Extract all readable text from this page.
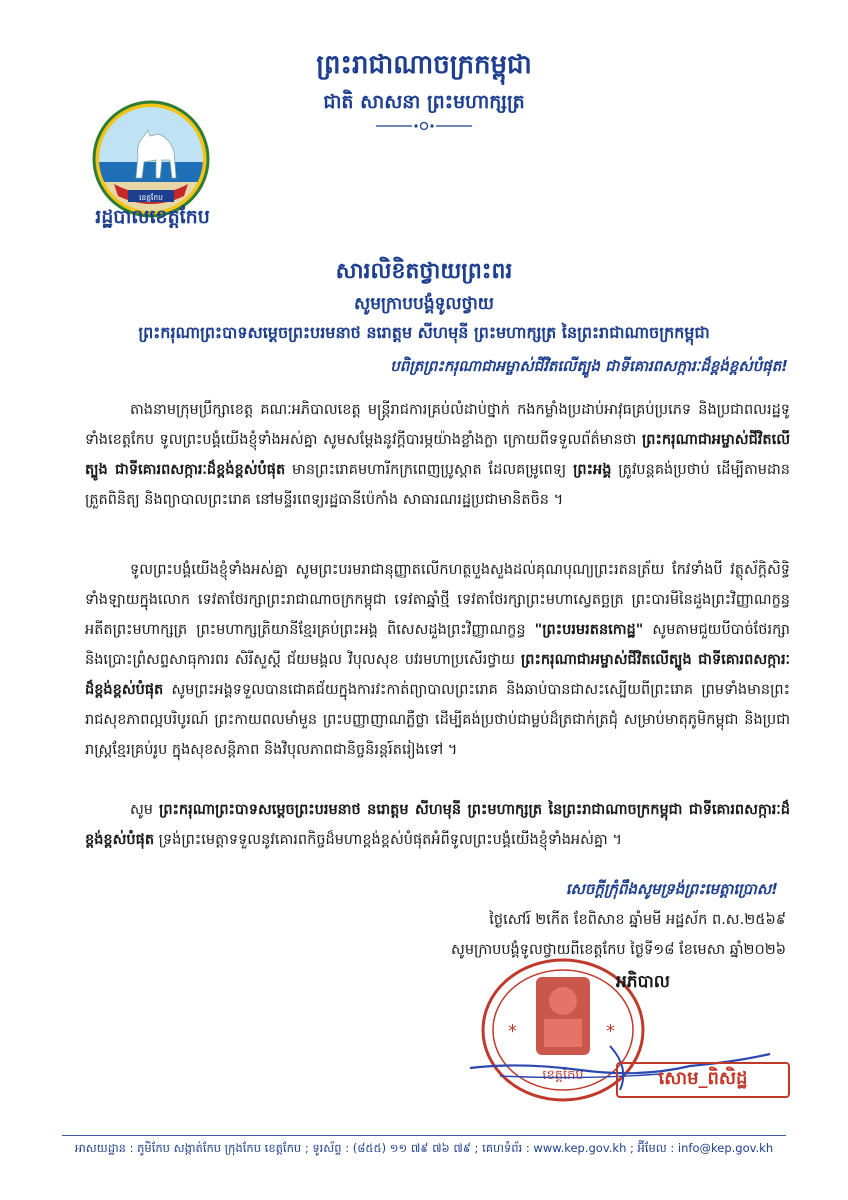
ព្រះរាជាណាចក្រកម្ពុជា
ជាតិ សាសនា ព្រះមហាក្សត្រ
ខេត្តកែប
រដ្ឋបាលខេត្តកែប
សារលិខិតថ្វាយព្រះពរ
សូមក្រាបបង្គំទូលថ្វាយ
ព្រះករុណាព្រះបាទសម្តេចព្រះបរមនាថ នរោត្តម សីហមុនី ព្រះមហាក្សត្រ នៃព្រះរាជាណាចក្រកម្ពុជា
បពិត្រព្រះករុណាជាអម្ចាស់ជីវិតលើត្បូង ជាទីគោរពសក្ការៈដ៏ខ្ពង់ខ្ពស់បំផុត!

តាងនាមក្រុមប្រឹក្សាខេត្ត គណៈអភិបាលខេត្ត មន្ត្រីរាជការគ្រប់លំដាប់ថ្នាក់ កងកម្លាំងប្រដាប់អាវុធគ្រប់ប្រភេទ និងប្រជាពលរដ្ឋទូទាំងខេត្តកែប ទូលព្រះបង្គំយើងខ្ញុំទាំងអស់គ្នា សូមសម្តែងនូវក្តីបារម្ភយ៉ាងខ្លាំងក្លា ក្រោយពីទទួលព័ត៌មានថា ព្រះករុណាជាអម្ចាស់ជីវិតលើត្បូង ជាទីគោរពសក្ការៈដ៏ខ្ពង់ខ្ពស់បំផុត មានព្រះរោគមហារីកក្រពេញប្រូស្តាត ដែលគម្រូពេទ្យ ព្រះអង្គ ត្រូវបន្តគង់ប្រថាប់ ដើម្បីតាមដាន ត្រួតពិនិត្យ និងព្យាបាលព្រះរោគ នៅមន្ទីរពេទ្យរដ្ឋធានីប៉េកាំង សាធារណរដ្ឋប្រជាមានិតចិន ។

ទូលព្រះបង្គំយើងខ្ញុំទាំងអស់គ្នា សូមព្រះបរមរាជានុញ្ញាតលើកហត្ថបួងសួងដល់គុណបុណ្យព្រះរតនត្រ័យ កែវទាំងបី វត្ថុស័ក្តិសិទ្ធិទាំងឡាយក្នុងលោក ទេវតាថែរក្សាព្រះរាជាណាចក្រកម្ពុជា ទេវតាឆ្នាំថ្មី ទេវតាថែរក្សាព្រះមហាស្វេតច្ឆត្រ ព្រះបារមីនៃដួងព្រះវិញ្ញាណក្ខន្ធអតីតព្រះមហាក្សត្រ ព្រះមហាក្សត្រិយានីខ្មែរគ្រប់ព្រះអង្គ ពិសេសដួងព្រះវិញ្ញាណក្ខន្ធ "ព្រះបរមរតនកោដ្ឋ" សូមតាមជួយបីបាច់ថែរក្សា និងប្រោះព្រំសព្ទសាធុការពរ សិរីសួស្តី ជ័យមង្គល វិបុលសុខ បវរមហាប្រសើរថ្វាយ ព្រះករុណាជាអម្ចាស់ជីវិតលើត្បូង ជាទីគោរពសក្ការៈដ៏ខ្ពង់ខ្ពស់បំផុត សូមព្រះអង្គទទួលបានជោគជ័យក្នុងការវះកាត់ព្យាបាលព្រះរោគ និងឆាប់បានជាសះស្បើយពីព្រះរោគ ព្រមទាំងមានព្រះរាជសុខភាពល្អបរិបូរណ៍ ព្រះកាយពលមាំមួន ព្រះបញ្ញាញាណភ្លឺថ្លា ដើម្បីគង់ប្រថាប់ជាម្លប់ដ៏ត្រជាក់ត្រជុំ សម្រាប់មាតុភូមិកម្ពុជា និងប្រជារាស្ត្រខ្មែរគ្រប់រូប ក្នុងសុខសន្តិភាព និងវិបុលភាពជានិច្ចនិរន្តរ៍តរៀងទៅ ។

សូម ព្រះករុណាព្រះបាទសម្តេចព្រះបរមនាថ នរោត្តម សីហមុនី ព្រះមហាក្សត្រ នៃព្រះរាជាណាចក្រកម្ពុជា ជាទីគោរពសក្ការៈដ៏ខ្ពង់ខ្ពស់បំផុត ទ្រង់ព្រះមេត្តាទទួលនូវគោរពកិច្ចដ៏មហាខ្ពង់ខ្ពស់បំផុតអំពីទូលព្រះបង្គំយើងខ្ញុំទាំងអស់គ្នា ។

សេចក្តីក្រុំពឹងសូមទ្រង់ព្រះមេត្តាប្រោស!
ថ្ងៃសៅរ៍ ២កើត ខែពិសាខ ឆ្នាំមមី អដ្ឋស័ក ព.ស.២៥៦៩
សូមក្រាបបង្គំទូលថ្វាយពីខេត្តកែប ថ្ងៃទី១៨ ខែមេសា ឆ្នាំ២០២៦
*	*
ខេត្តកែប
អភិបាល
សោម_ពិសិដ្ឋ
អាសយដ្ឋាន : ភូមិកែប សង្កាត់កែប ក្រុងកែប ខេត្តកែប ; ទូរស័ព្ទ : (៨៥៥) ១១ ៧៩ ៧៦ ៧៩ ; គេហទំព័រ : www.kep.gov.kh ; អ៊ីមែល : info@kep.gov.kh
